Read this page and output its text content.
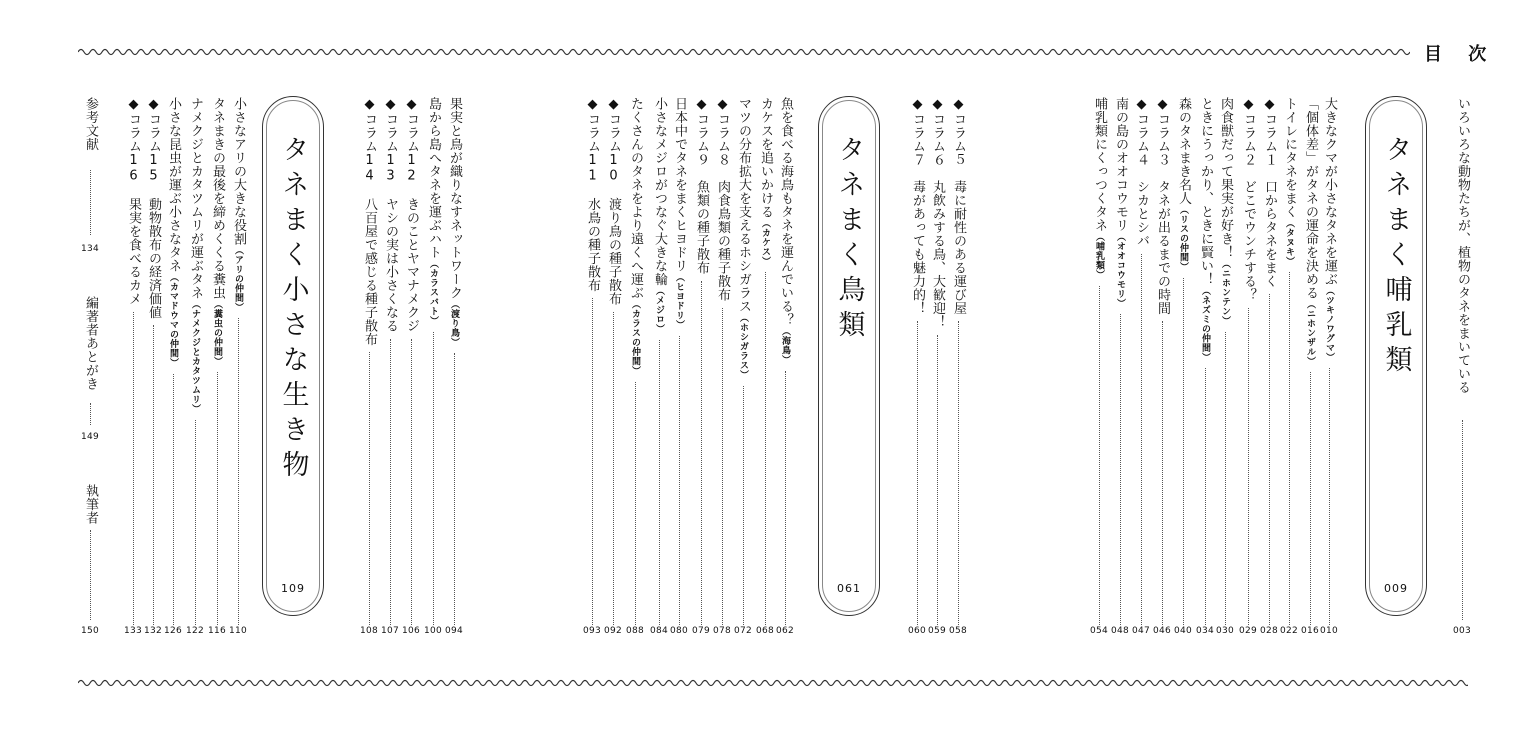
目 次
いろいろな動物たちが、植物のタネをまいている
003
タネまく哺乳類
009
タネまく鳥類
061
タネまく小さな生き物
109
大きなクマが小さなタネを運ぶ（ツキノワグマ）
010
「個体差」がタネの運命を決める（ニホンザル）
016
トイレにタネをまく（タヌキ）
022
◆コラム１　口からタネをまく
028
◆コラム２　どこでウンチする？
029
肉食獣だって果実が好き！（ニホンテン）
030
ときにうっかり、ときに賢い！（ネズミの仲間）
034
森のタネまき名人（リスの仲間）
040
◆コラム３　タネが出るまでの時間
046
◆コラム４　シカとシバ
047
南の島のオオコウモリ（オオコウモリ）
048
哺乳類にくっつくタネ（哺乳類）
054
◆コラム５　毒に耐性のある運び屋
058
◆コラム６　丸飲みする鳥、大歓迎！
059
◆コラム７　毒があっても魅力的！
060
魚を食べる海鳥もタネを運んでいる？（海鳥）
062
カケスを追いかける（カケス）
068
マツの分布拡大を支えるホシガラス（ホシガラス）
072
◆コラム８　肉食鳥類の種子散布
078
◆コラム９　魚類の種子散布
079
日本中でタネをまくヒヨドリ（ヒヨドリ）
080
小さなメジロがつなぐ大きな輪（メジロ）
084
たくさんのタネをより遠くへ運ぶ（カラスの仲間）
088
◆コラム10　渡り鳥の種子散布
092
◆コラム11　水鳥の種子散布
093
果実と鳥が織りなすネットワーク（渡り鳥）
094
島から島へタネを運ぶハト（カラスバト）
100
◆コラム12　きのことヤマナメクジ
106
◆コラム13　ヤシの実は小さくなる
107
◆コラム14　八百屋で感じる種子散布
108
小さなアリの大きな役割（アリの仲間）
110
タネまきの最後を締めくくる糞虫（糞虫の仲間）
116
ナメクジとカタツムリが運ぶタネ（ナメクジとカタツムリ）
122
小さな昆虫が運ぶ小さなタネ（カマドウマの仲間）
126
◆コラム15　動物散布の経済価値
132
◆コラム16　果実を食べるカメ
133
参考文献
134
編著者あとがき
149
執筆者
150
